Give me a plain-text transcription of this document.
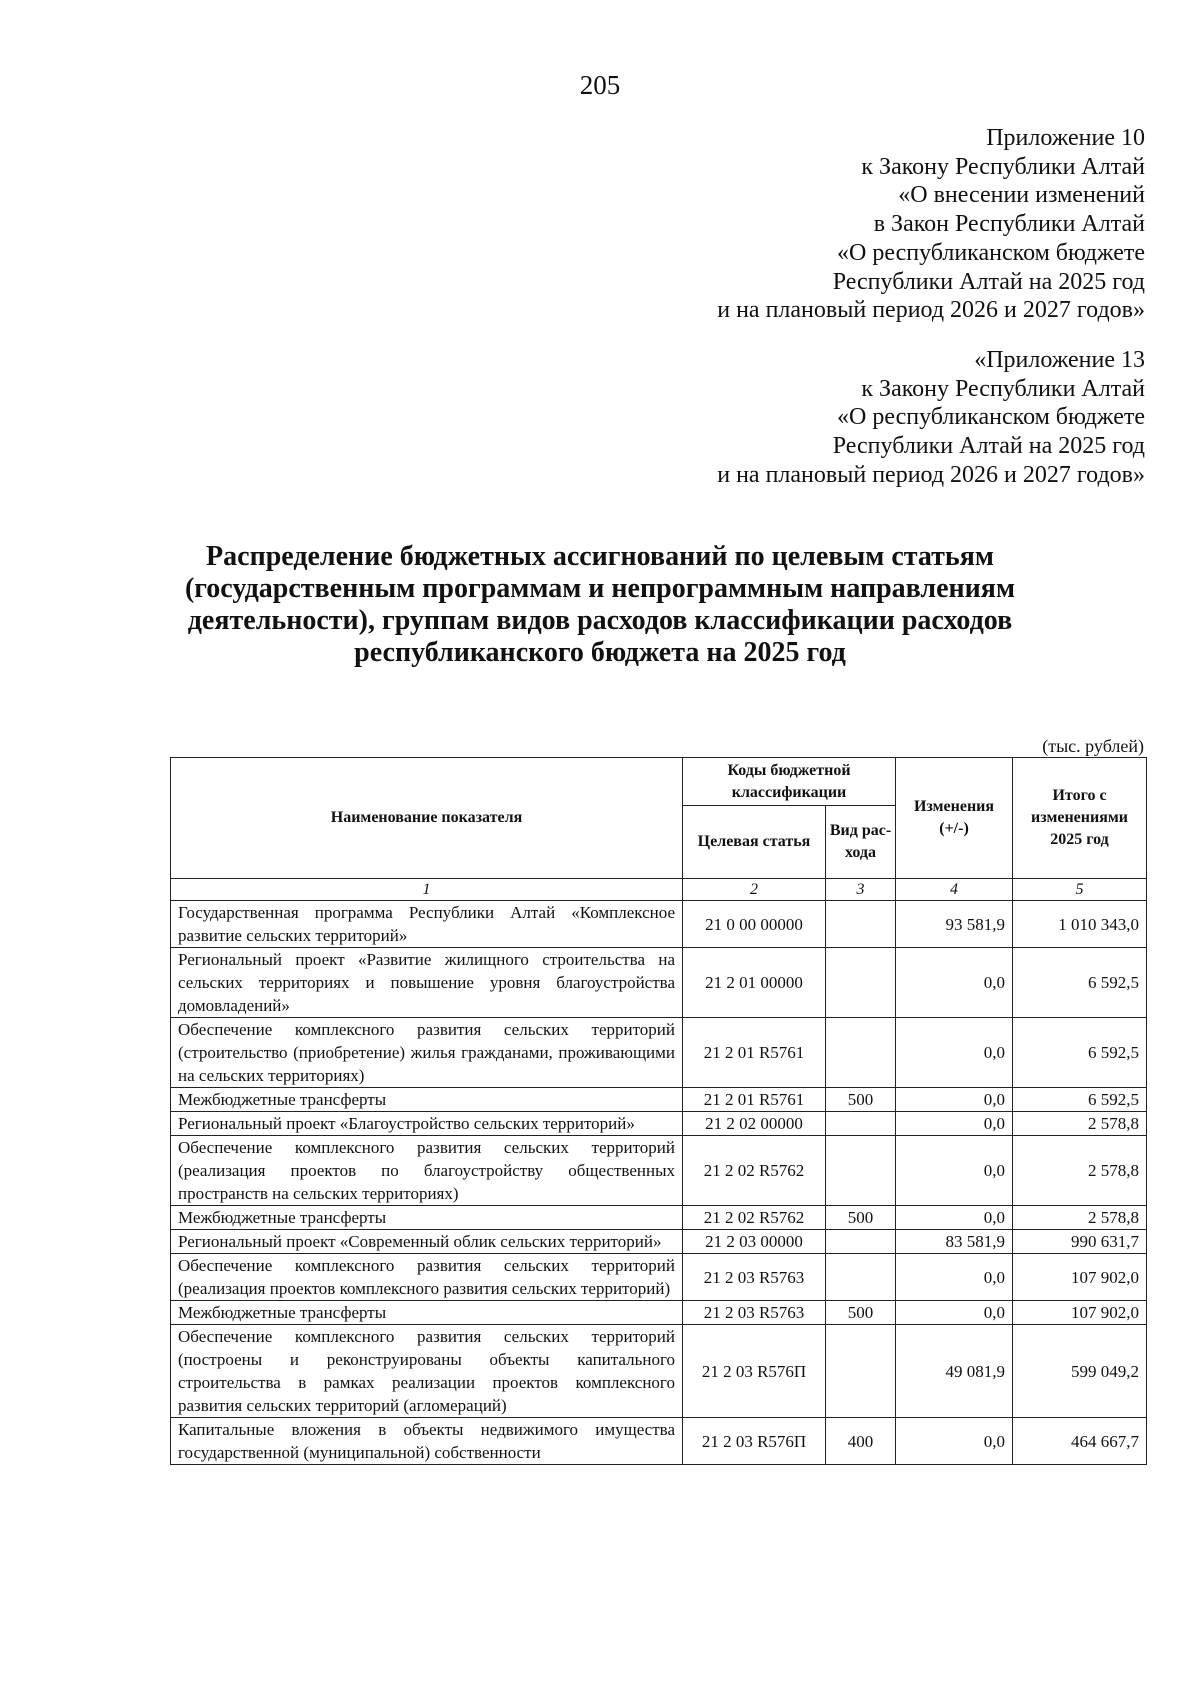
205
Приложение 10
к Закону Республики Алтай
«О внесении изменений
в Закон Республики Алтай
«О республиканском бюджете
Республики Алтай на 2025 год
и на плановый период 2026 и 2027 годов»
«Приложение 13
к Закону Республики Алтай
«О республиканском бюджете
Республики Алтай на 2025 год
и на плановый период 2026 и 2027 годов»
Распределение бюджетных ассигнований по целевым статьям (государственным программам и непрограммным направлениям деятельности), группам видов расходов классификации расходов республиканского бюджета на 2025 год
(тыс. рублей)
Наименование показателя	Коды бюджетной классификации		Изменения (+/-)	Итого с изменениями 2025 год
	Целевая статья	Вид рас-хода		
1	2	3	4	5
Государственная программа Республики Алтай «Комплексное развитие сельских территорий»	21 0 00 00000		93 581,9	1 010 343,0
Региональный проект «Развитие жилищного строительства на сельских территориях и повышение уровня благоустройства домовладений»	21 2 01 00000		0,0	6 592,5
Обеспечение комплексного развития сельских территорий (строительство (приобретение) жилья гражданами, проживающими на сельских территориях)	21 2 01 R5761		0,0	6 592,5
Межбюджетные трансферты	21 2 01 R5761	500	0,0	6 592,5
Региональный проект «Благоустройство сельских территорий»	21 2 02 00000		0,0	2 578,8
Обеспечение комплексного развития сельских территорий (реализация проектов по благоустройству общественных пространств на сельских территориях)	21 2 02 R5762		0,0	2 578,8
Межбюджетные трансферты	21 2 02 R5762	500	0,0	2 578,8
Региональный проект «Современный облик сельских территорий»	21 2 03 00000		83 581,9	990 631,7
Обеспечение комплексного развития сельских территорий (реализация проектов комплексного развития сельских территорий)	21 2 03 R5763		0,0	107 902,0
Межбюджетные трансферты	21 2 03 R5763	500	0,0	107 902,0
Обеспечение комплексного развития сельских территорий (построены и реконструированы объекты капитального строительства в рамках реализации проектов комплексного развития сельских территорий (агломераций)	21 2 03 R576П		49 081,9	599 049,2
Капитальные вложения в объекты недвижимого имущества государственной (муниципальной) собственности	21 2 03 R576П	400	0,0	464 667,7
